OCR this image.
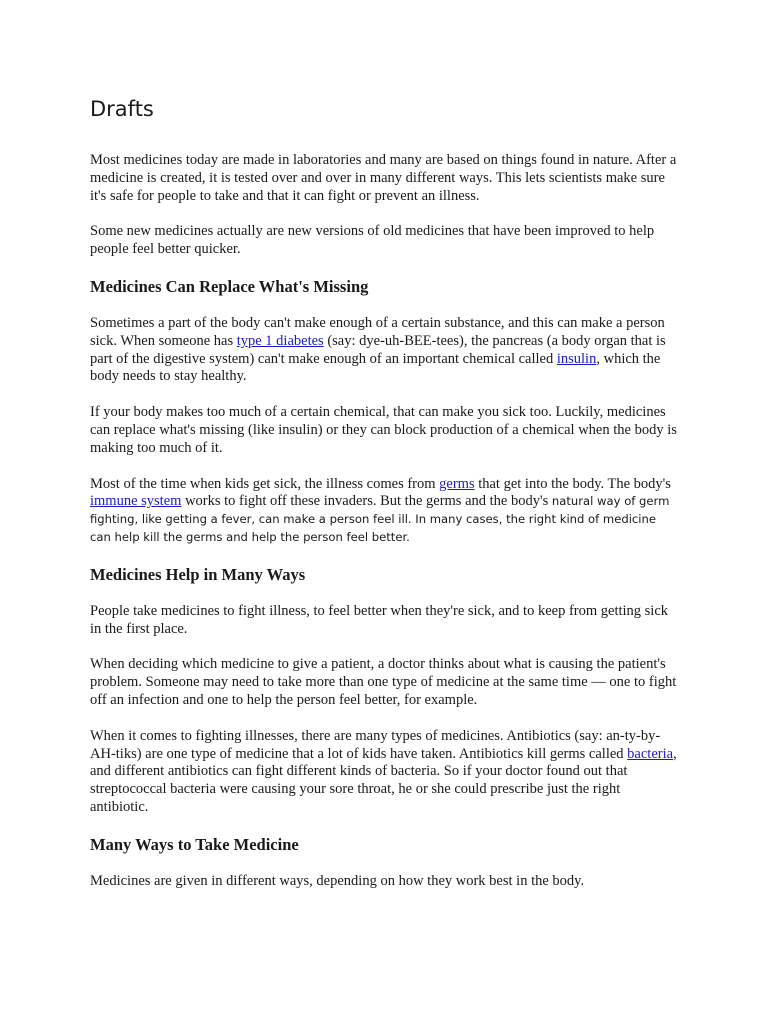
Drafts

Most medicines today are made in laboratories and many are based on things found in nature. After a medicine is created, it is tested over and over in many different ways. This lets scientists make sure it's safe for people to take and that it can fight or prevent an illness.

Some new medicines actually are new versions of old medicines that have been improved to help people feel better quicker.

Medicines Can Replace What's Missing

Sometimes a part of the body can't make enough of a certain substance, and this can make a person sick. When someone has type 1 diabetes (say: dye-uh-BEE-tees), the pancreas (a body organ that is part of the digestive system) can't make enough of an important chemical called insulin, which the body needs to stay healthy.

If your body makes too much of a certain chemical, that can make you sick too. Luckily, medicines can replace what's missing (like insulin) or they can block production of a chemical when the body is making too much of it.

Most of the time when kids get sick, the illness comes from germs that get into the body. The body's immune system works to fight off these invaders. But the germs and the body's natural way of germ fighting, like getting a fever, can make a person feel ill. In many cases, the right kind of medicine can help kill the germs and help the person feel better.

Medicines Help in Many Ways

People take medicines to fight illness, to feel better when they're sick, and to keep from getting sick in the first place.

When deciding which medicine to give a patient, a doctor thinks about what is causing the patient's problem. Someone may need to take more than one type of medicine at the same time — one to fight off an infection and one to help the person feel better, for example.

When it comes to fighting illnesses, there are many types of medicines. Antibiotics (say: an-ty-by-AH-tiks) are one type of medicine that a lot of kids have taken. Antibiotics kill germs called bacteria, and different antibiotics can fight different kinds of bacteria. So if your doctor found out that streptococcal bacteria were causing your sore throat, he or she could prescribe just the right antibiotic.

Many Ways to Take Medicine

Medicines are given in different ways, depending on how they work best in the body.
